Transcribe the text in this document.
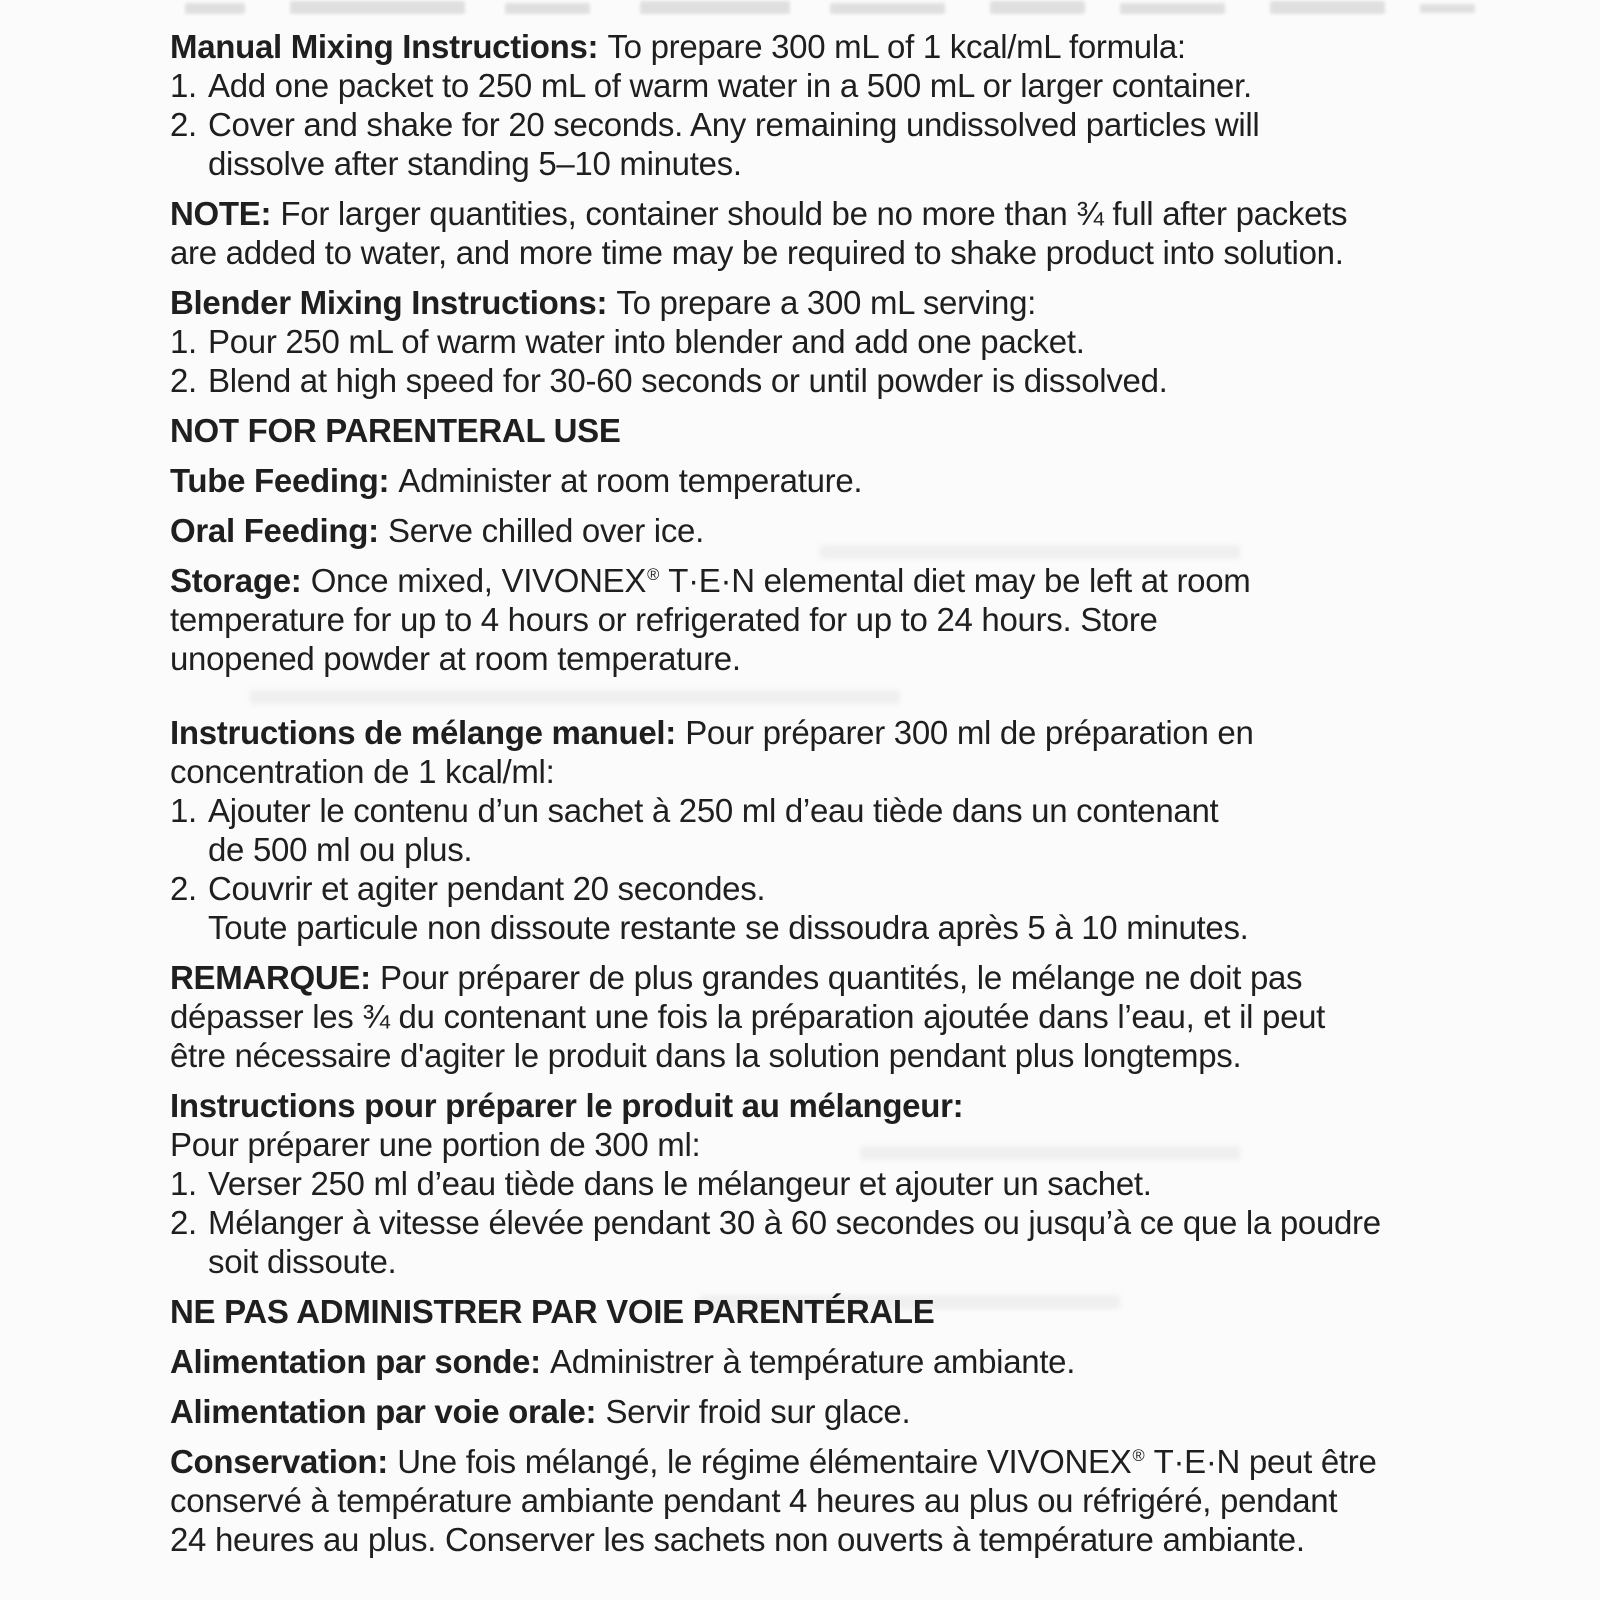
Manual Mixing Instructions: To prepare 300 mL of 1 kcal/mL formula:
1. Add one packet to 250 mL of warm water in a 500 mL or larger container.
2. Cover and shake for 20 seconds. Any remaining undissolved particles will
dissolve after standing 5–10 minutes.
NOTE: For larger quantities, container should be no more than ¾ full after packets
are added to water, and more time may be required to shake product into solution.
Blender Mixing Instructions: To prepare a 300 mL serving:
1. Pour 250 mL of warm water into blender and add one packet.
2. Blend at high speed for 30-60 seconds or until powder is dissolved.
NOT FOR PARENTERAL USE
Tube Feeding: Administer at room temperature.
Oral Feeding: Serve chilled over ice.
Storage: Once mixed, VIVONEX® T·E·N elemental diet may be left at room
temperature for up to 4 hours or refrigerated for up to 24 hours. Store
unopened powder at room temperature.
Instructions de mélange manuel: Pour préparer 300 ml de préparation en
concentration de 1 kcal/ml:
1. Ajouter le contenu d’un sachet à 250 ml d’eau tiède dans un contenant
de 500 ml ou plus.
2. Couvrir et agiter pendant 20 secondes.
Toute particule non dissoute restante se dissoudra après 5 à 10 minutes.
REMARQUE: Pour préparer de plus grandes quantités, le mélange ne doit pas
dépasser les ¾ du contenant une fois la préparation ajoutée dans l’eau, et il peut
être nécessaire d'agiter le produit dans la solution pendant plus longtemps.
Instructions pour préparer le produit au mélangeur:
Pour préparer une portion de 300 ml:
1. Verser 250 ml d’eau tiède dans le mélangeur et ajouter un sachet.
2. Mélanger à vitesse élevée pendant 30 à 60 secondes ou jusqu’à ce que la poudre
soit dissoute.
NE PAS ADMINISTRER PAR VOIE PARENTÉRALE
Alimentation par sonde: Administrer à température ambiante.
Alimentation par voie orale: Servir froid sur glace.
Conservation: Une fois mélangé, le régime élémentaire VIVONEX® T·E·N peut être
conservé à température ambiante pendant 4 heures au plus ou réfrigéré, pendant
24 heures au plus. Conserver les sachets non ouverts à température ambiante.
